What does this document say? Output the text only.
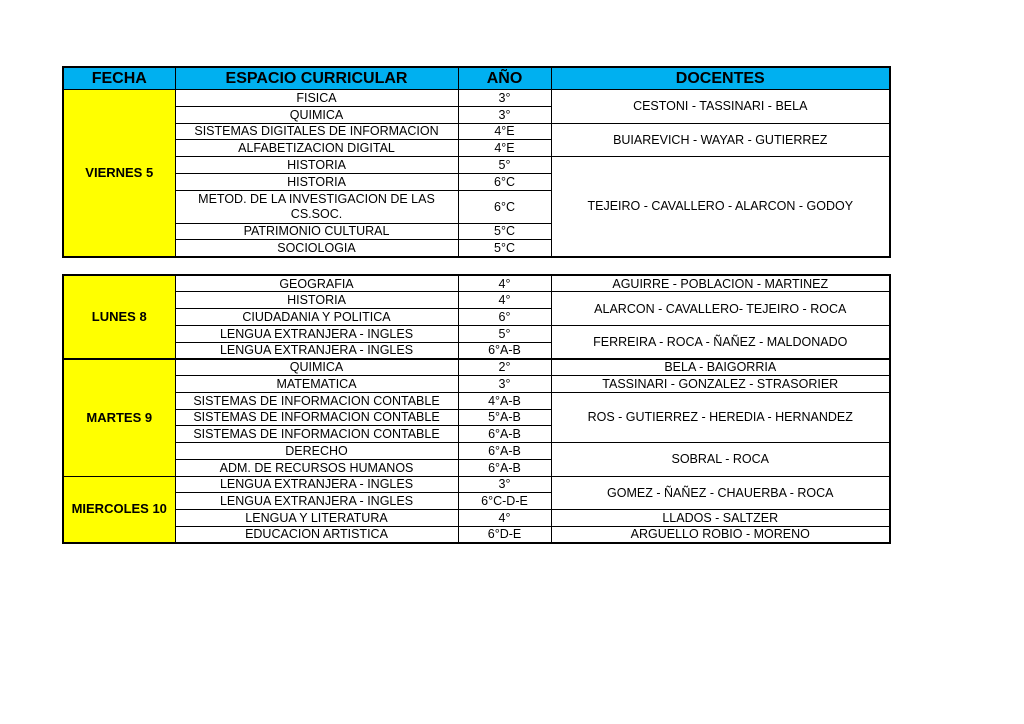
FECHA	ESPACIO CURRICULAR	AÑO	DOCENTES
VIERNES 5	FISICA	3°	CESTONI - TASSINARI - BELA
	QUIMICA	3°	
	SISTEMAS DIGITALES DE INFORMACION	4°E	BUIAREVICH - WAYAR - GUTIERREZ
	ALFABETIZACION DIGITAL	4°E	
	HISTORIA	5°	TEJEIRO - CAVALLERO - ALARCON - GODOY
	HISTORIA	6°C	
	METOD. DE LA INVESTIGACION DE LAS CS.SOC.	6°C	
	PATRIMONIO CULTURAL	5°C	
	SOCIOLOGIA	5°C	
LUNES 8	GEOGRAFIA	4°	AGUIRRE - POBLACION - MARTINEZ
	HISTORIA	4°	ALARCON - CAVALLERO- TEJEIRO - ROCA
	CIUDADANIA Y POLITICA	6°	
	LENGUA EXTRANJERA - INGLES	5°	FERREIRA - ROCA - ÑAÑEZ - MALDONADO
	LENGUA EXTRANJERA - INGLES	6°A-B	
MARTES 9	QUIMICA	2°	BELA - BAIGORRIA
	MATEMATICA	3°	TASSINARI - GONZALEZ - STRASORIER
	SISTEMAS DE INFORMACION CONTABLE	4°A-B	ROS - GUTIERREZ - HEREDIA - HERNANDEZ
	SISTEMAS DE INFORMACION CONTABLE	5°A-B	
	SISTEMAS DE INFORMACION CONTABLE	6°A-B	
	DERECHO	6°A-B	SOBRAL - ROCA
	ADM. DE RECURSOS HUMANOS	6°A-B	
MIERCOLES 10	LENGUA EXTRANJERA - INGLES	3°	GOMEZ - ÑAÑEZ - CHAUERBA - ROCA
	LENGUA EXTRANJERA - INGLES	6°C-D-E	
	LENGUA Y LITERATURA	4°	LLADOS - SALTZER
	EDUCACION ARTISTICA	6°D-E	ARGUELLO ROBIO - MORENO
